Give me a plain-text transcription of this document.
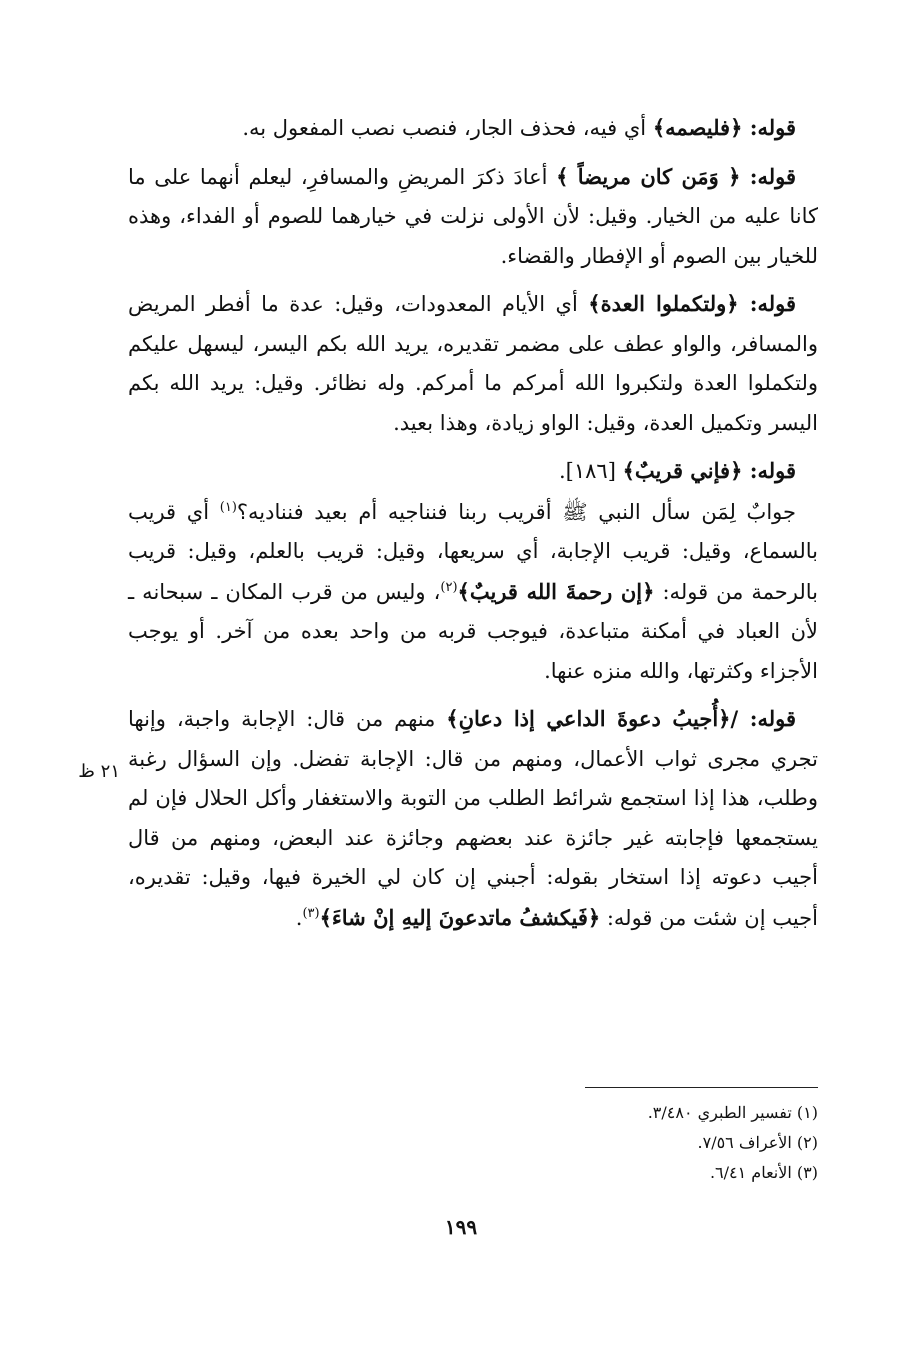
قوله: ﴿فليصمه﴾ أي فيه، فحذف الجار، فنصب نصب المفعول به.

قوله: ﴿ وَمَن كان مريضاً ﴾ أعادَ ذكرَ المريضِ والمسافرِ، ليعلم أنهما على ما كانا عليه من الخيار. وقيل: لأن الأولى نزلت في خيارهما للصوم أو الفداء، وهذه للخيار بين الصوم أو الإفطار والقضاء.

قوله: ﴿ولتكملوا العدة﴾ أي الأيام المعدودات، وقيل: عدة ما أفطر المريض والمسافر، والواو عطف على مضمر تقديره، يريد الله بكم اليسر، ليسهل عليكم ولتكملوا العدة ولتكبروا الله أمركم ما أمركم. وله نظائر. وقيل: يريد الله بكم اليسر وتكميل العدة، وقيل: الواو زيادة، وهذا بعيد.

قوله: ﴿فإني قريبٌ﴾ [١٨٦].

جوابٌ لِمَن سأل النبي ﷺ أقريب ربنا فنناجيه أم بعيد فنناديه؟$^{(١)}$ أي قريب بالسماع، وقيل: قريب الإجابة، أي سريعها، وقيل: قريب بالعلم، وقيل: قريب بالرحمة من قوله: ﴿إن رحمةَ الله قريبٌ﴾$^{(٢)}$، وليس من قرب المكان ـ سبحانه ـ لأن العباد في أمكنة متباعدة، فيوجب قربه من واحد بعده من آخر. أو يوجب الأجزاء وكثرتها، والله منزه عنها.

قوله: /﴿أُجيبُ دعوةَ الداعي إذا دعانِ﴾ منهم من قال: الإجابة واجبة، وإنها تجري مجرى ثواب الأعمال، ومنهم من قال: الإجابة تفضل. وإن السؤال رغبة وطلب، هذا إذا استجمع شرائط الطلب من التوبة والاستغفار وأكل الحلال فإن لم يستجمعها فإجابته غير جائزة عند بعضهم وجائزة عند البعض، ومنهم من قال أجيب دعوته إذا استخار بقوله: أجبني إن كان لي الخيرة فيها، وقيل: تقديره، أجيب إن شئت من قوله: ﴿فَيكشفُ ماتدعونَ إليهِ إنْ شاءَ﴾$^{(٣)}$.

٢١ ظ

(١) تفسير الطبري ٣/٤٨٠.

(٢) الأعراف ٧/٥٦.

(٣) الأنعام ٦/٤١.

١٩٩
